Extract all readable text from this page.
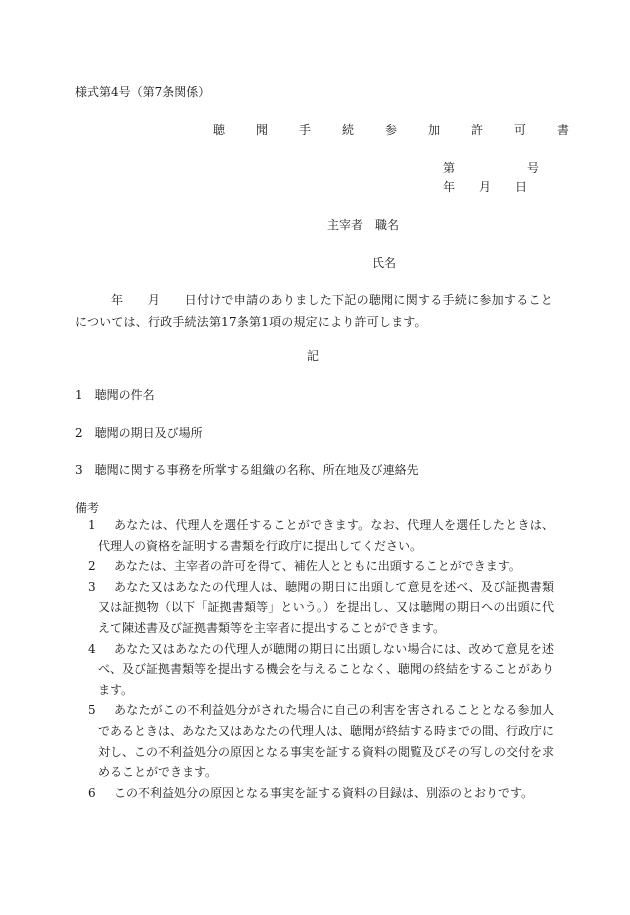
様式第4号（第7条関係）
聴　聞　手　続　参　加　許　可　書
第　　　　　　号
年　　月　　日
主宰者　職名
氏名
年　　月　　日付けで申請のありました下記の聴聞に関する手続に参加することについては、行政手続法第17条第1項の規定により許可します。
記
1　聴聞の件名
2　聴聞の期日及び場所
3　聴聞に関する事務を所掌する組織の名称、所在地及び連絡先
備考
1	あなたは、代理人を選任することができます。なお、代理人を選任したときは、代理人の資格を証明する書類を行政庁に提出してください。
2	あなたは、主宰者の許可を得て、補佐人とともに出頭することができます。
3	あなた又はあなたの代理人は、聴聞の期日に出頭して意見を述べ、及び証拠書類又は証拠物（以下「証拠書類等」という。）を提出し、又は聴聞の期日への出頭に代えて陳述書及び証拠書類等を主宰者に提出することができます。
4	あなた又はあなたの代理人が聴聞の期日に出頭しない場合には、改めて意見を述べ、及び証拠書類等を提出する機会を与えることなく、聴聞の終結をすることがあります。
5	あなたがこの不利益処分がされた場合に自己の利害を害されることとなる参加人であるときは、あなた又はあなたの代理人は、聴聞が終結する時までの間、行政庁に対し、この不利益処分の原因となる事実を証する資料の閲覧及びその写しの交付を求めることができます。
6	この不利益処分の原因となる事実を証する資料の目録は、別添のとおりです。
